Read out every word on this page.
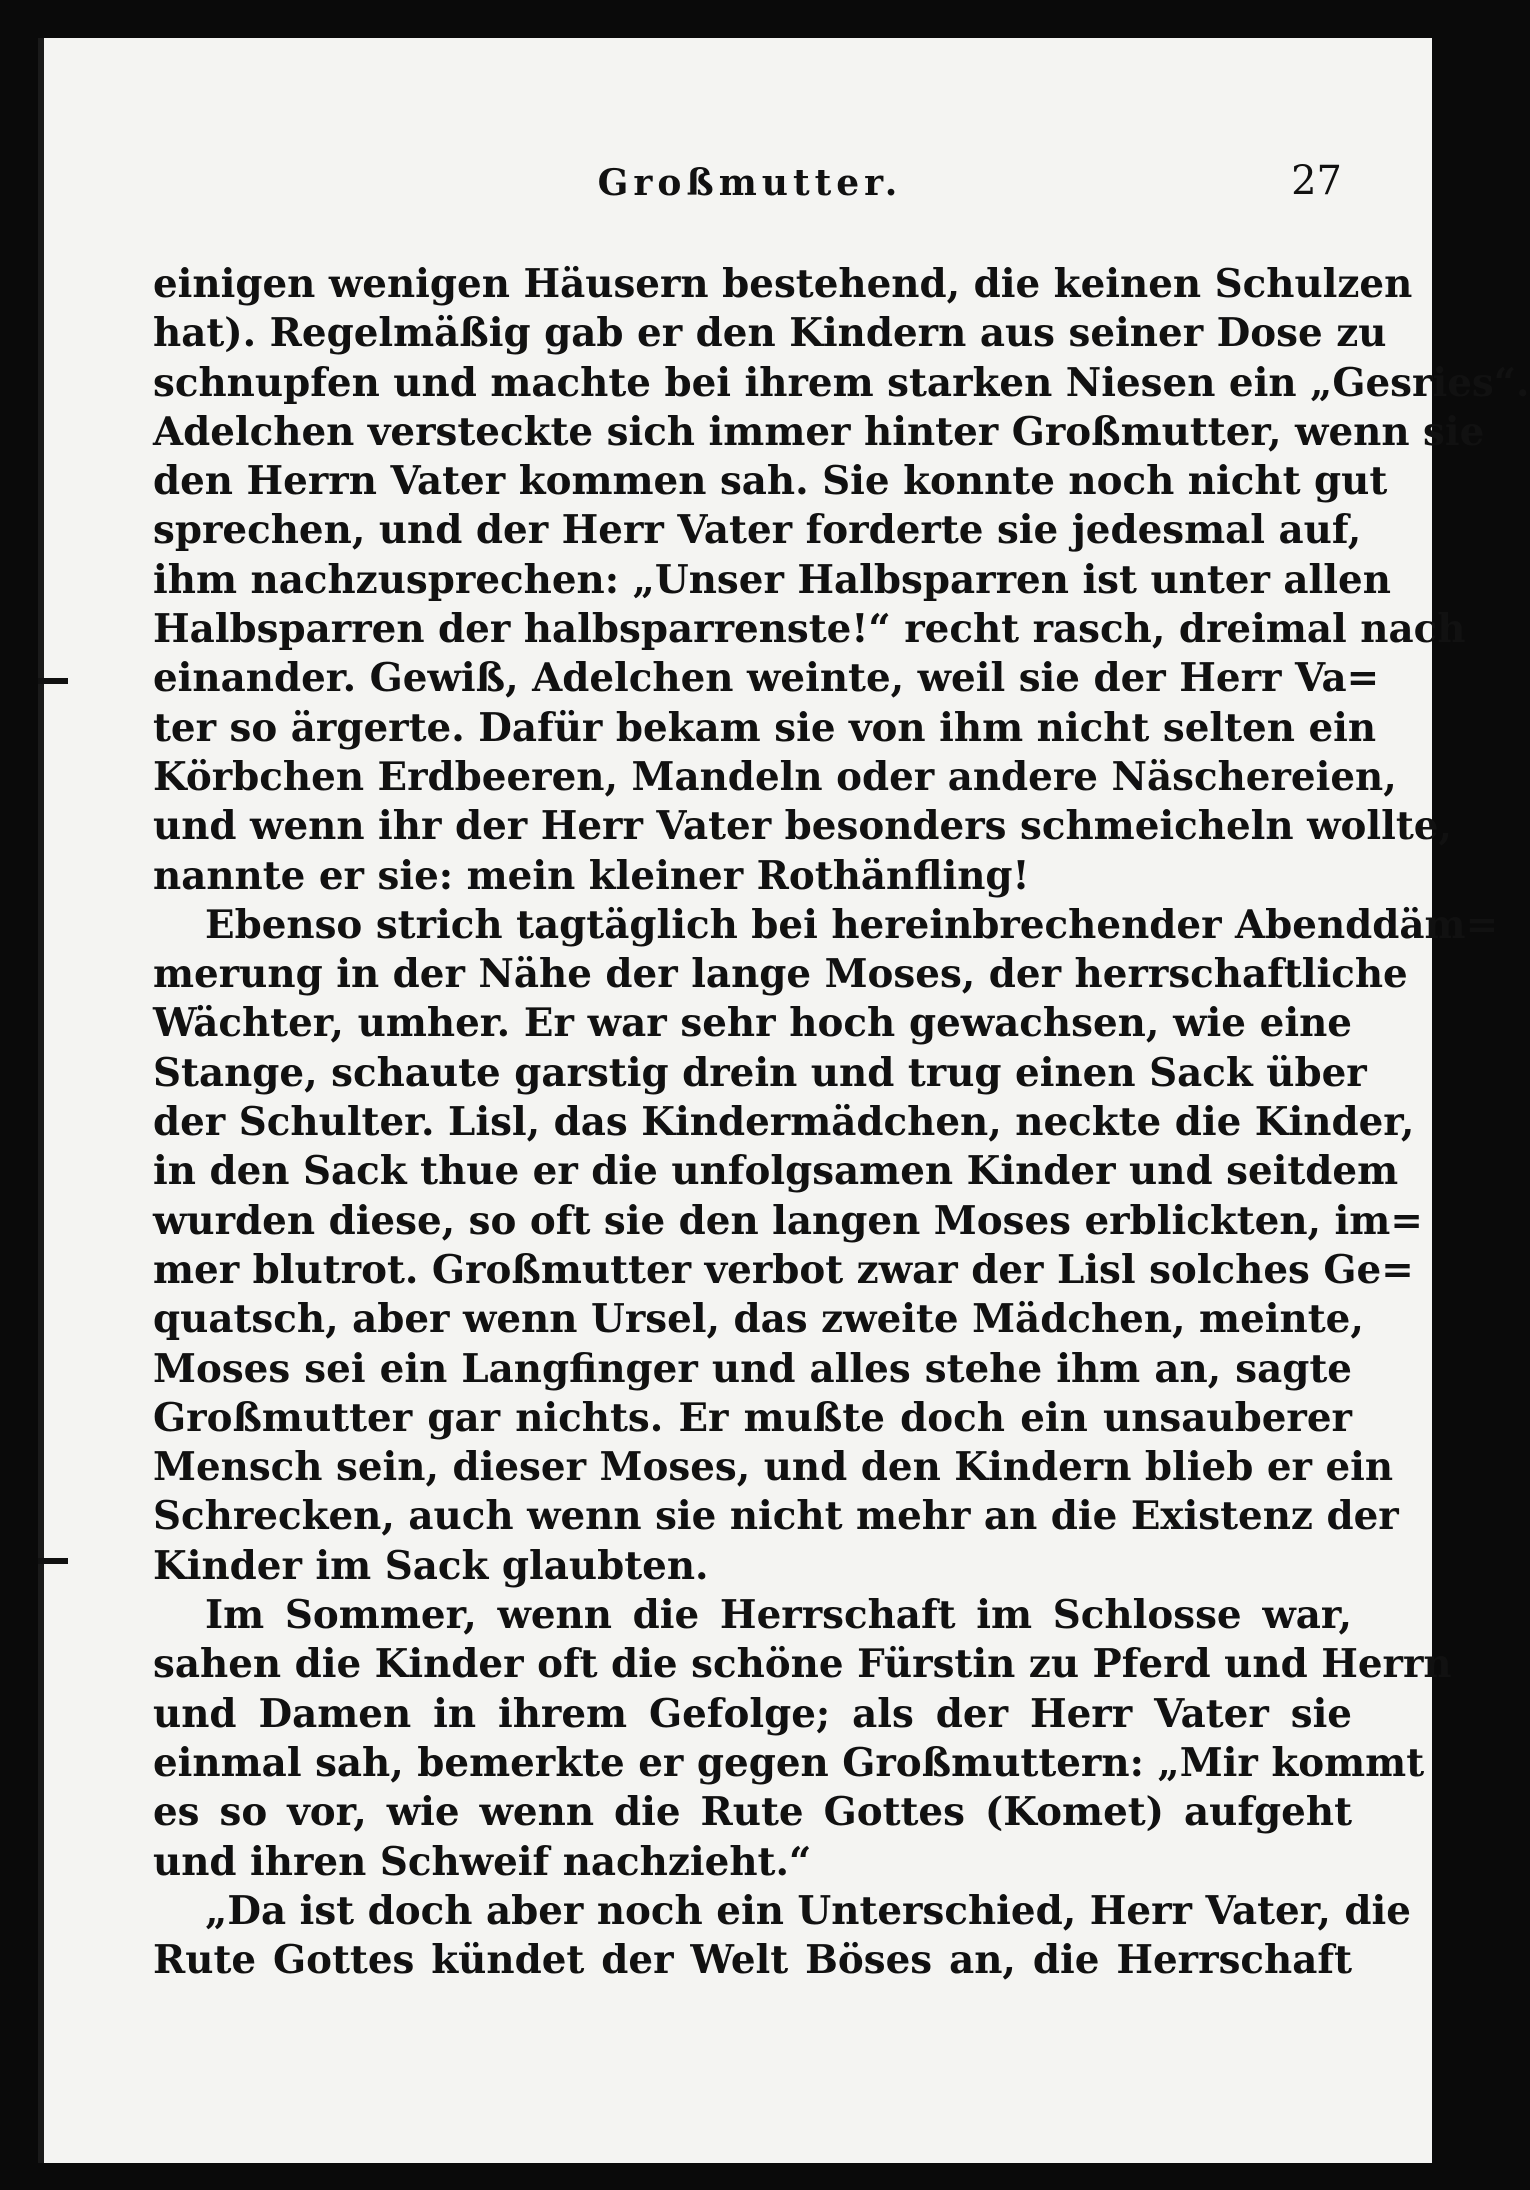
Großmutter.	27
einigen wenigen Häusern bestehend, die keinen Schulzen
hat). Regelmäßig gab er den Kindern aus seiner Dose zu
schnupfen und machte bei ihrem starken Niesen ein „Gesries“.
Adelchen versteckte sich immer hinter Großmutter, wenn sie
den Herrn Vater kommen sah. Sie konnte noch nicht gut
sprechen, und der Herr Vater forderte sie jedesmal auf,
ihm nachzusprechen: „Unser Halbsparren ist unter allen
Halbsparren der halbsparrenste!“ recht rasch, dreimal nach
einander. Gewiß, Adelchen weinte, weil sie der Herr Va=
ter so ärgerte. Dafür bekam sie von ihm nicht selten ein
Körbchen Erdbeeren, Mandeln oder andere Näschereien,
und wenn ihr der Herr Vater besonders schmeicheln wollte,
nannte er sie: mein kleiner Rothänfling!
Ebenso strich tagtäglich bei hereinbrechender Abenddäm=
merung in der Nähe der lange Moses, der herrschaftliche
Wächter, umher. Er war sehr hoch gewachsen, wie eine
Stange, schaute garstig drein und trug einen Sack über
der Schulter. Lisl, das Kindermädchen, neckte die Kinder,
in den Sack thue er die unfolgsamen Kinder und seitdem
wurden diese, so oft sie den langen Moses erblickten, im=
mer blutrot. Großmutter verbot zwar der Lisl solches Ge=
quatsch, aber wenn Ursel, das zweite Mädchen, meinte,
Moses sei ein Langfinger und alles stehe ihm an, sagte
Großmutter gar nichts. Er mußte doch ein unsauberer
Mensch sein, dieser Moses, und den Kindern blieb er ein
Schrecken, auch wenn sie nicht mehr an die Existenz der
Kinder im Sack glaubten.
Im Sommer, wenn die Herrschaft im Schlosse war,
sahen die Kinder oft die schöne Fürstin zu Pferd und Herrn
und Damen in ihrem Gefolge; als der Herr Vater sie
einmal sah, bemerkte er gegen Großmuttern: „Mir kommt
es so vor, wie wenn die Rute Gottes (Komet) aufgeht
und ihren Schweif nachzieht.“
„Da ist doch aber noch ein Unterschied, Herr Vater, die
Rute Gottes kündet der Welt Böses an, die Herrschaft
